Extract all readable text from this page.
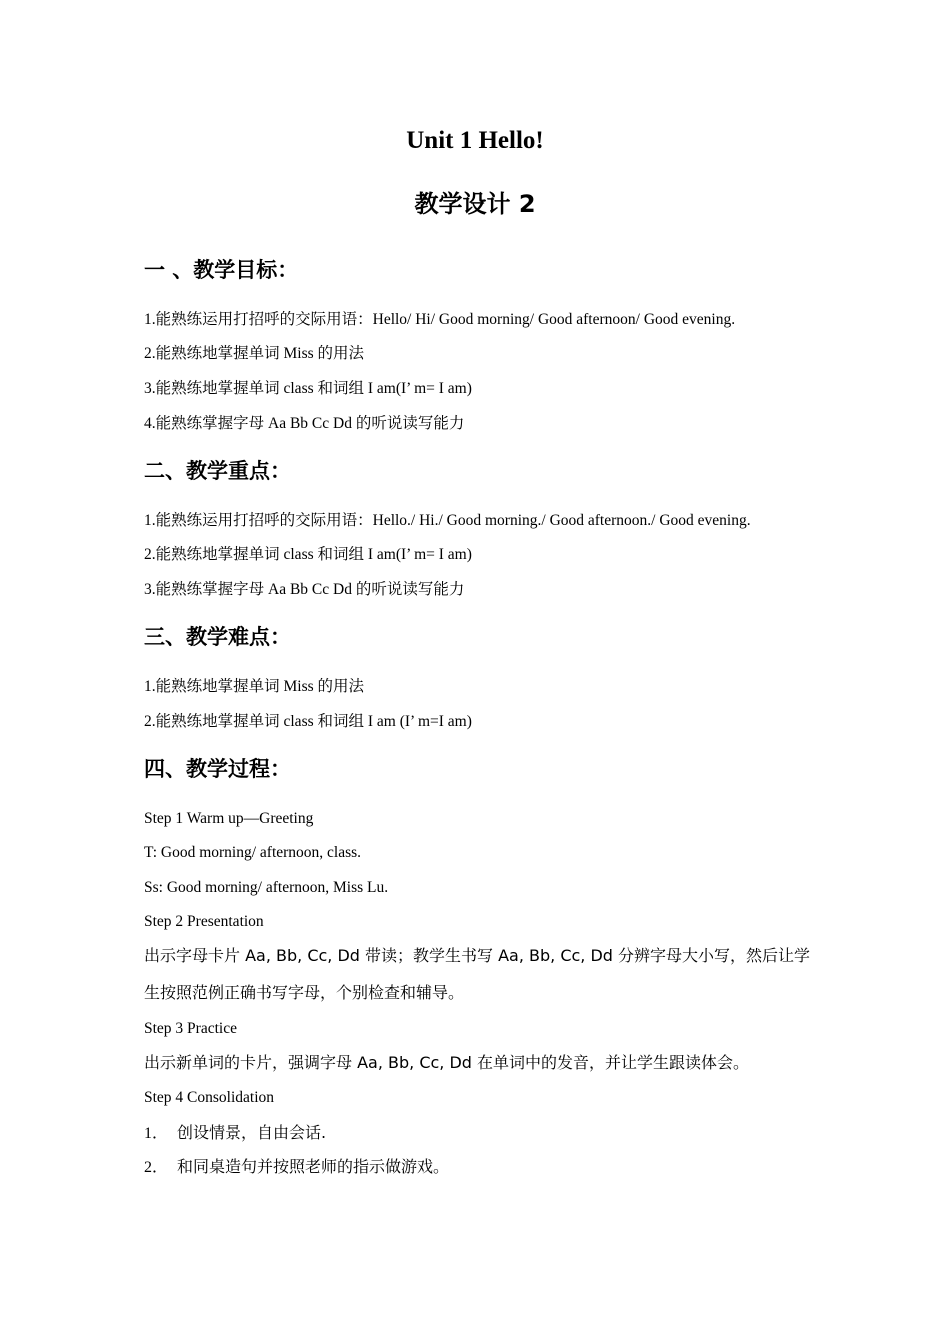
Unit 1 Hello!
教学设计 2
一 、教学目标：

1.能熟练运用打招呼的交际用语：Hello/ Hi/ Good morning/ Good afternoon/ Good evening.

2.能熟练地掌握单词 Miss 的用法

3.能熟练地掌握单词 class 和词组 I am(I’ m= I am)

4.能熟练掌握字母 Aa Bb Cc Dd 的听说读写能力

二、教学重点：

1.能熟练运用打招呼的交际用语：Hello./ Hi./ Good morning./ Good afternoon./ Good evening.

2.能熟练地掌握单词 class 和词组 I am(I’ m= I am)

3.能熟练掌握字母 Aa Bb Cc Dd 的听说读写能力

三、教学难点：

1.能熟练地掌握单词 Miss 的用法

2.能熟练地掌握单词 class 和词组 I am (I’ m=I am)

四、教学过程：

Step 1 Warm up—Greeting

T: Good morning/ afternoon, class.

Ss: Good morning/ afternoon, Miss Lu.

Step 2 Presentation

出示字母卡片 Aa, Bb, Cc, Dd 带读；教学生书写 Aa, Bb, Cc, Dd 分辨字母大小写，然后让学生按照范例正确书写字母，个别检查和辅导。

Step 3 Practice

出示新单词的卡片，强调字母 Aa, Bb, Cc, Dd 在单词中的发音，并让学生跟读体会。

Step 4 Consolidation

1． 创设情景，自由会话.

2． 和同桌造句并按照老师的指示做游戏。
